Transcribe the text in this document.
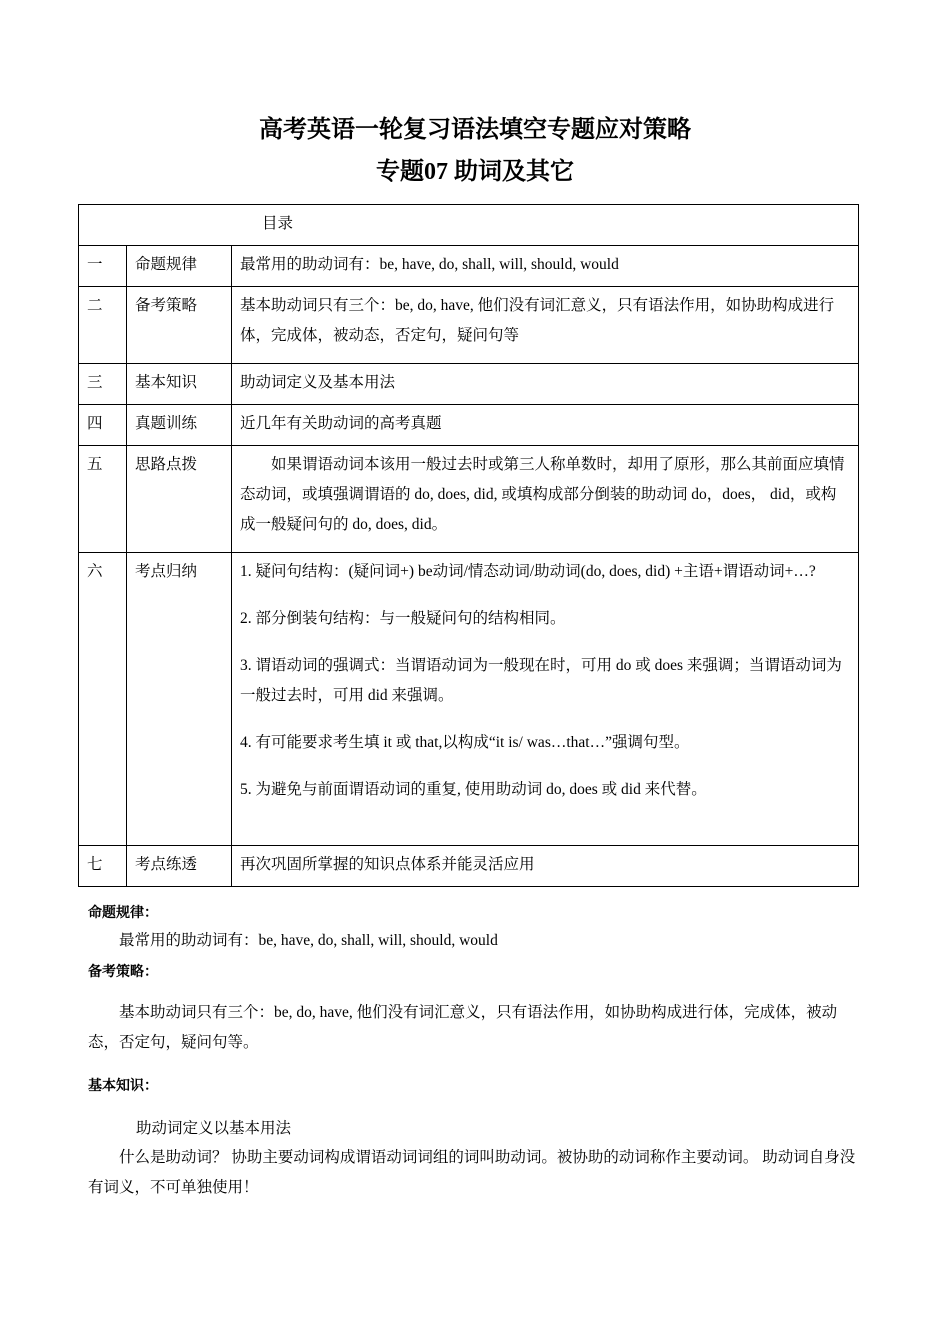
高考英语一轮复习语法填空专题应对策略
专题07 助词及其它
目录		
一	命题规律	最常用的助动词有：be, have, do, shall, will, should, would
二	备考策略	基本助动词只有三个：be, do, have, 他们没有词汇意义，只有语法作用，如协助构成进行体，完成体，被动态，否定句，疑问句等
三	基本知识	助动词定义及基本用法
四	真题训练	近几年有关助动词的高考真题
五	思路点拨	如果谓语动词本该用一般过去时或第三人称单数时，却用了原形，那么其前面应填情态动词，或填强调谓语的 do, does, did, 或填构成部分倒装的助动词 do，does， did，或构成一般疑问句的 do, does, did。
六	考点归纳	1. 疑问句结构：(疑问词+) be动词/情态动词/助动词(do, does, did) +主语+谓语动词+…?

2. 部分倒装句结构：与一般疑问句的结构相同。

3. 谓语动词的强调式：当谓语动词为一般现在时，可用 do 或 does 来强调；当谓语动词为一般过去时，可用 did 来强调。

4. 有可能要求考生填 it 或 that,以构成“it is/ was…that…”强调句型。

5. 为避免与前面谓语动词的重复, 使用助动词 do, does 或 did 来代替。

七	考点练透	再次巩固所掌握的知识点体系并能灵活应用
命题规律：
最常用的助动词有：be, have, do, shall, will, should, would
备考策略：
基本助动词只有三个：be, do, have, 他们没有词汇意义，只有语法作用，如协助构成进行体，完成体，被动态，否定句，疑问句等。
基本知识：
助动词定义以基本用法
什么是助动词？ 协助主要动词构成谓语动词词组的词叫助动词。被协助的动词称作主要动词。 助动词自身没有词义，不可单独使用！
